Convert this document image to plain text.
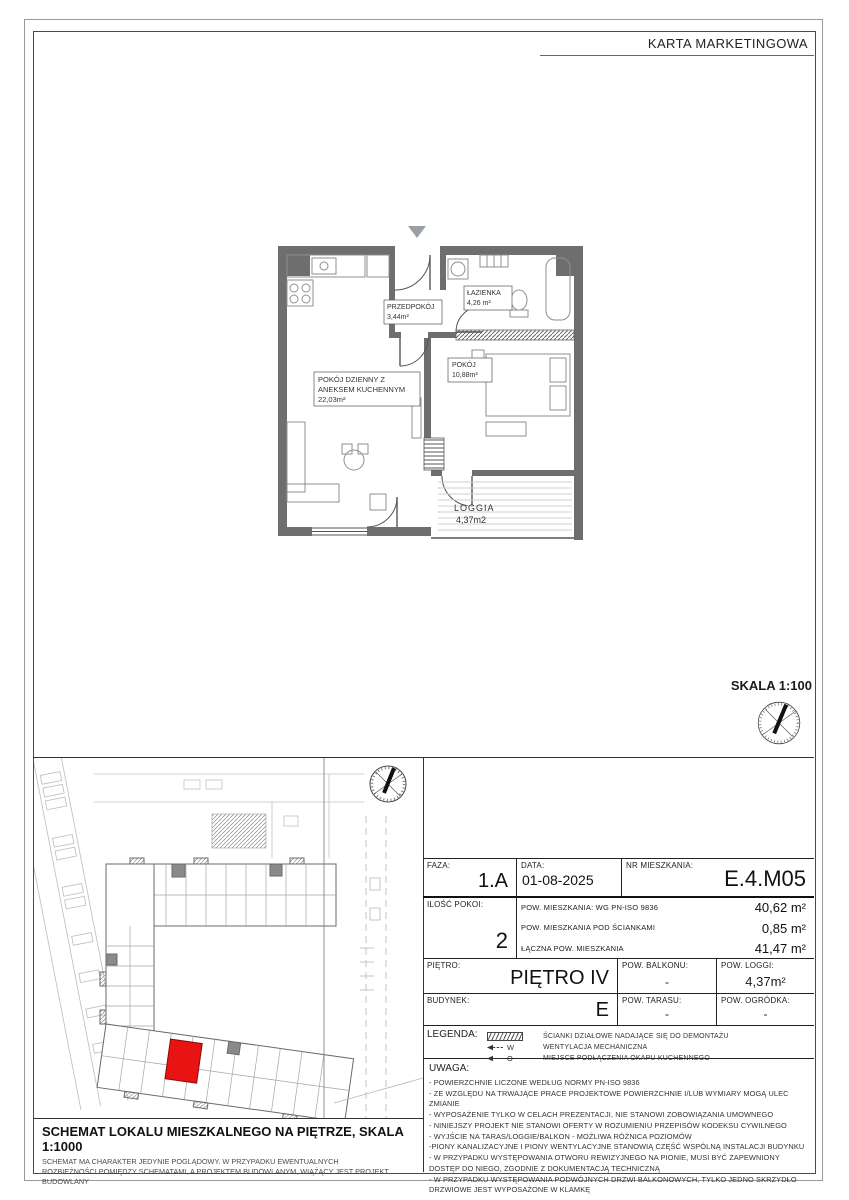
KARTA MARKETINGOWA
PRZEDPOKÓJ
3,44m²
ŁAZIENKA
4,26 m²
POKÓJ DZIENNY Z
ANEKSEM KUCHENNYM
22,03m²
POKÓJ
10,88m²
LOGGIA
4,37m2
SKALA 1:100
SCHEMAT LOKALU MIESZKALNEGO NA PIĘTRZE, SKALA 1:1000
SCHEMAT MA CHARAKTER JEDYNIE POGLĄDOWY. W PRZYPADKU EWENTUALNYCH ROZBIEŻNOŚCI POMIĘDZY SCHEMATAMI, A PROJEKTEM BUDOWLANYM, WIĄŻĄCY JEST PROJEKT BUDOWLANY
FAZA:
1.A
DATA:
01-08-2025
NR MIESZKANIA:
E.4.M05
ILOŚĆ POKOI:
2
POW. MIESZKANIA: WG PN-ISO 9836	40,62 m²
POW. MIESZKANIA POD ŚCIANKAMI	0,85 m²
ŁĄCZNA POW. MIESZKANIA	41,47 m²
PIĘTRO:
PIĘTRO IV
POW. BALKONU:
-
POW. LOGGI:
4,37m²
BUDYNEK:	E POW. TARASU:
-
POW. OGRÓDKA:
-
LEGENDA:	ŚCIANKI DZIAŁOWE NADAJĄCE SIĘ DO DEMONTAŻU
W	WENTYLACJA MECHANICZNA
O	MIEJSCE PODŁĄCZENIA OKAPU KUCHENNEGO
UWAGA:
- POWIERZCHNIE LICZONE WEDŁUG NORMY PN-ISO 9836
- ZE WZGLĘDU NA TRWAJĄCE PRACE PROJEKTOWE POWIERZCHNIE I/LUB WYMIARY MOGĄ ULEC ZMIANIE
- WYPOSAŻENIE TYLKO W CELACH PREZENTACJI, NIE STANOWI ZOBOWIĄZANIA UMOWNEGO
- NINIEJSZY PROJEKT NIE STANOWI OFERTY W ROZUMIENIU PRZEPISÓW KODEKSU CYWILNEGO
- WYJŚCIE NA TARAS/LOGGIE/BALKON - MOŻLIWA RÓŻNICA POZIOMÓW
-PIONY KANALIZACYJNE I PIONY WENTYLACYJNE STANOWIĄ CZĘŚĆ WSPÓLNĄ INSTALACJI BUDYNKU
- W PRZYPADKU WYSTĘPOWANIA OTWORU REWIZYJNEGO NA PIONIE, MUSI BYĆ ZAPEWNIONY DOSTĘP DO NIEGO, ZGODNIE Z DOKUMENTACJĄ TECHNICZNĄ
- W PRZYPADKU WYSTĘPOWANIA PODWÓJNYCH DRZWI BALKONOWYCH, TYLKO JEDNO SKRZYDŁO DRZWIOWE JEST WYPOSAŻONE W KLAMKĘ
